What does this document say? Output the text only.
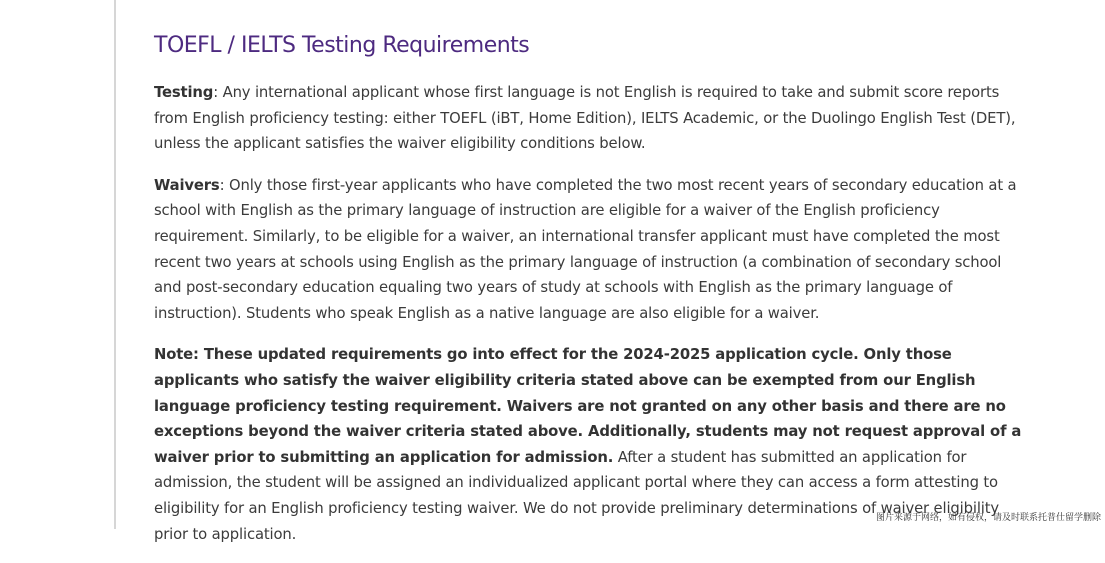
TOEFL / IELTS Testing Requirements

Testing: Any international applicant whose first language is not English is required to take and submit score reports from English proficiency testing: either TOEFL (iBT, Home Edition), IELTS Academic, or the Duolingo English Test (DET), unless the applicant satisfies the waiver eligibility conditions below.

Waivers: Only those first-year applicants who have completed the two most recent years of secondary education at a school with English as the primary language of instruction are eligible for a waiver of the English proficiency requirement. Similarly, to be eligible for a waiver, an international transfer applicant must have completed the most recent two years at schools using English as the primary language of instruction (a combination of secondary school and post-secondary education equaling two years of study at schools with English as the primary language of instruction). Students who speak English as a native language are also eligible for a waiver.

Note: These updated requirements go into effect for the 2024-2025 application cycle. Only those applicants who satisfy the waiver eligibility criteria stated above can be exempted from our English language proficiency testing requirement. Waivers are not granted on any other basis and there are no exceptions beyond the waiver criteria stated above. Additionally, students may not request approval of a waiver prior to submitting an application for admission. After a student has submitted an application for admission, the student will be assigned an individualized applicant portal where they can access a form attesting to eligibility for an English proficiency testing waiver. We do not provide preliminary determinations of waiver eligibility prior to application.

图片来源于网络，如有侵权，请及时联系托普仕留学删除
